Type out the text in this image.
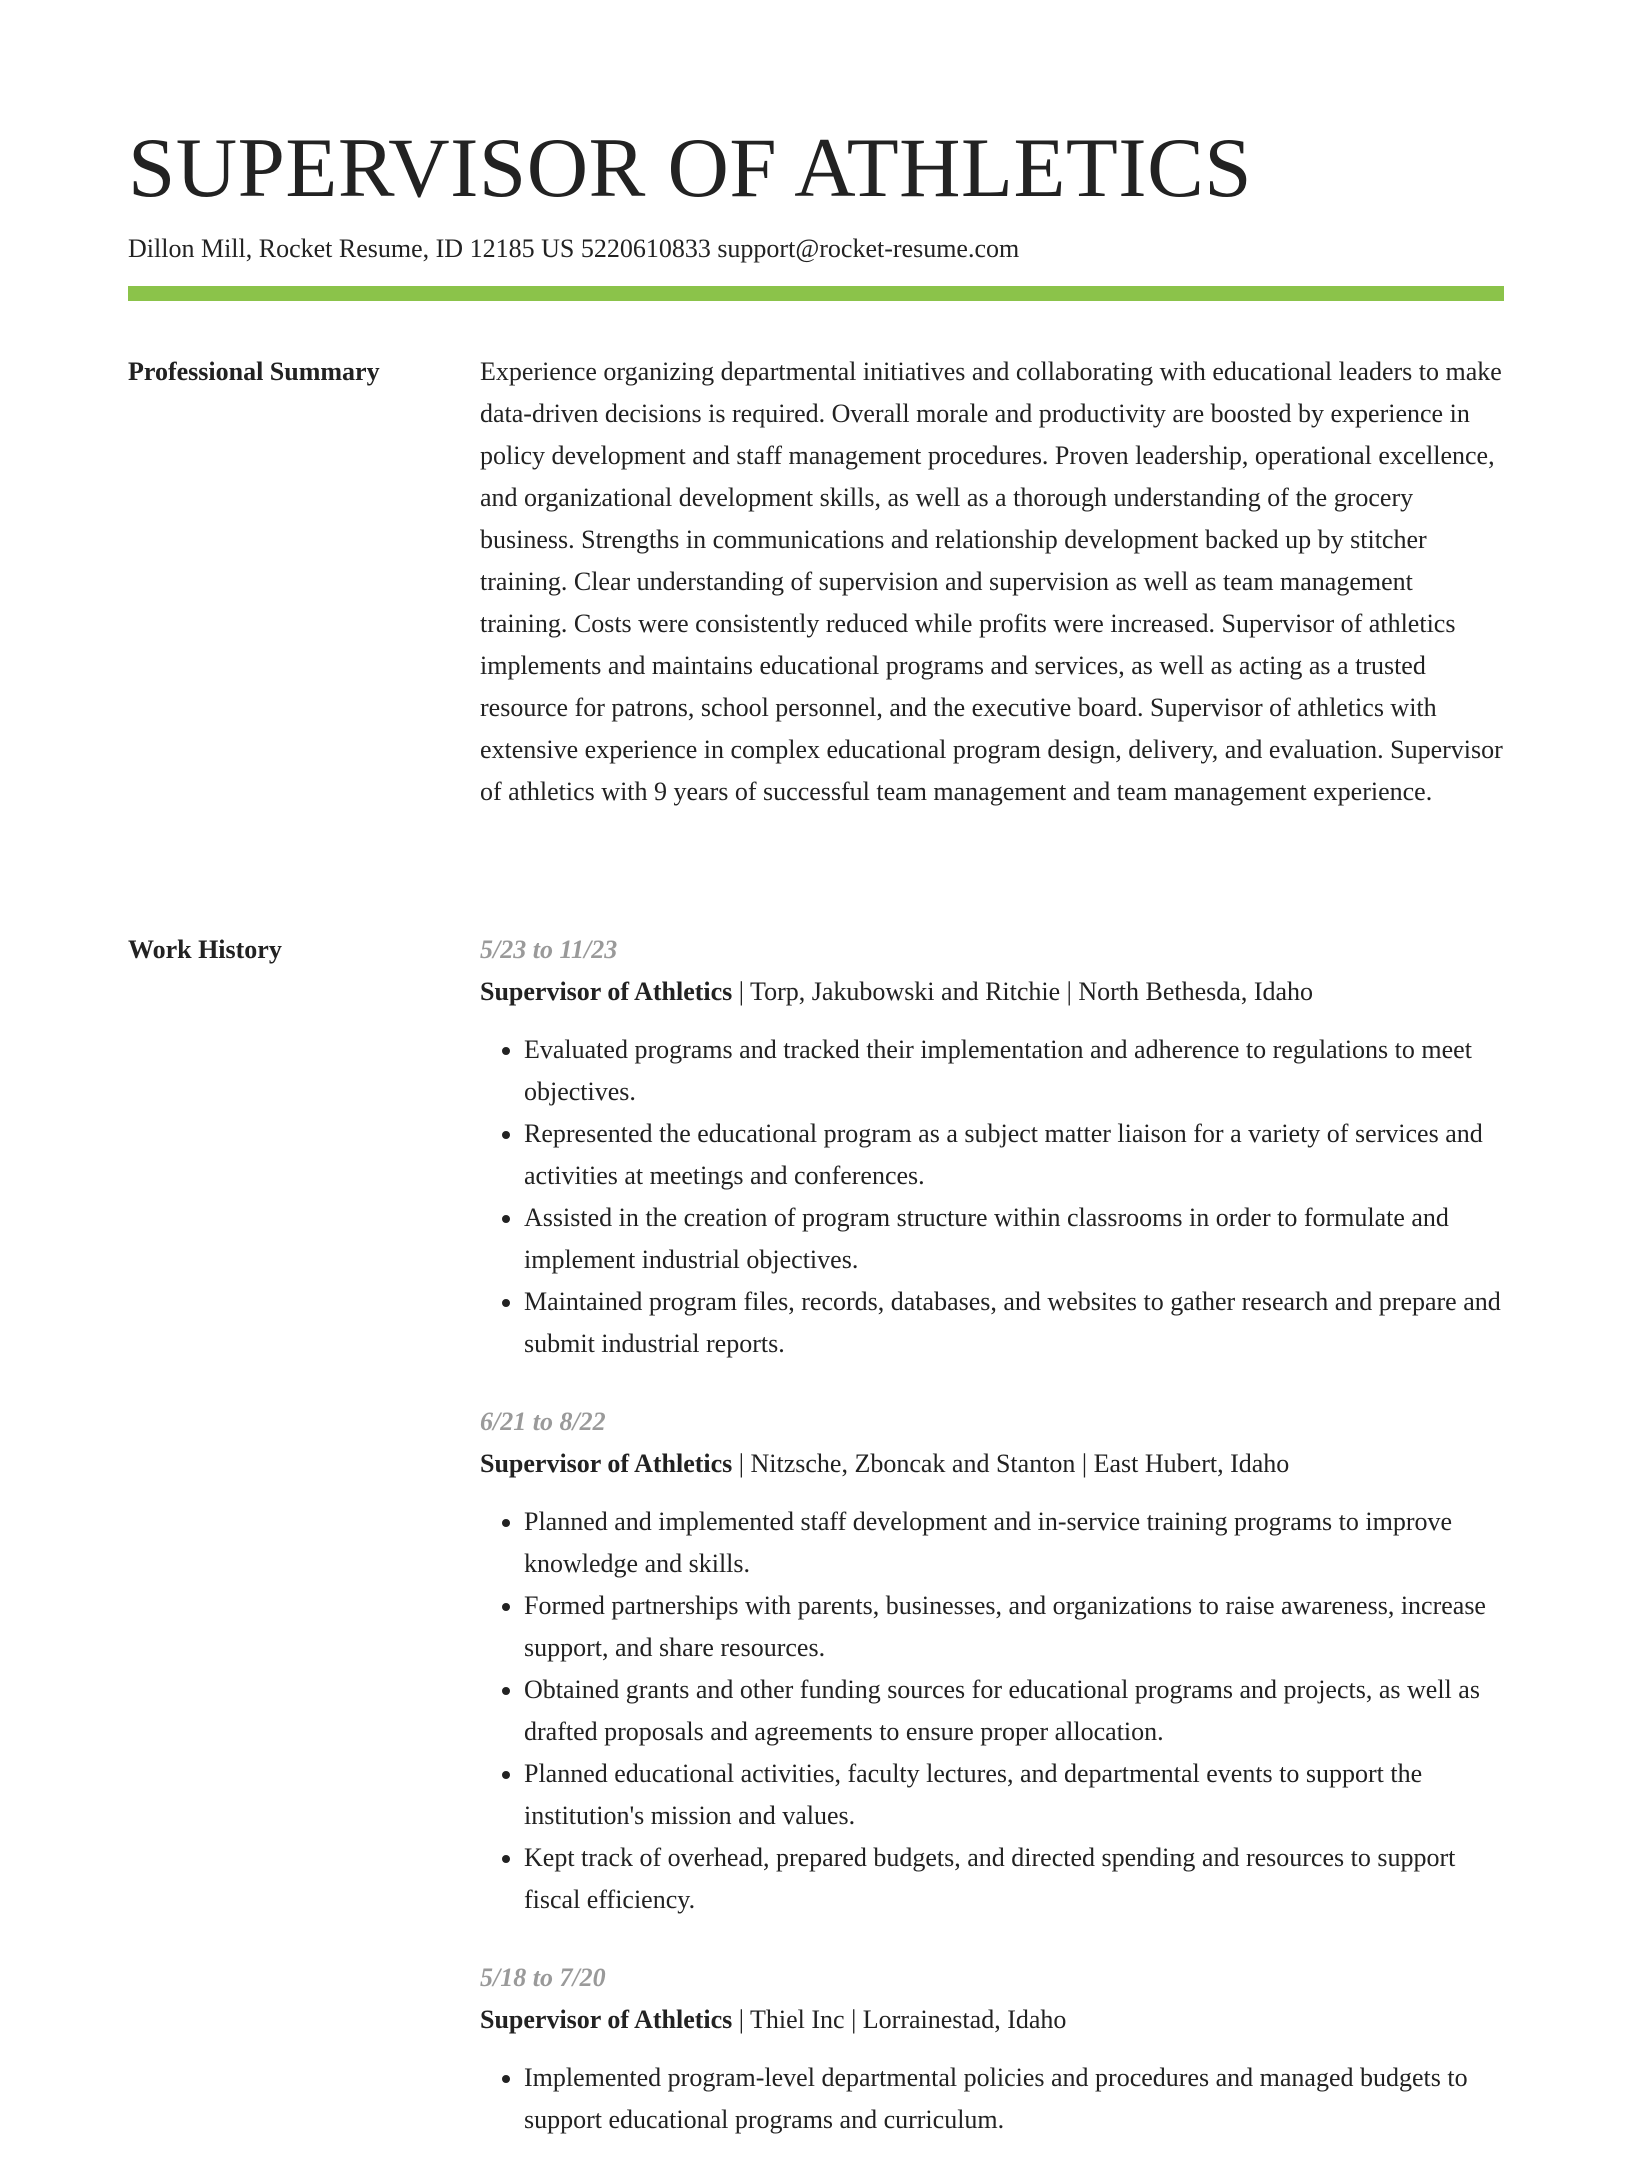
SUPERVISOR OF ATHLETICS
Dillon Mill, Rocket Resume, ID 12185 US 5220610833 support@rocket-resume.com
Professional Summary	Experience organizing departmental initiatives and collaborating with educational leaders to make data-driven decisions is required. Overall morale and productivity are boosted by experience in policy development and staff management procedures. Proven leadership, operational excellence, and organizational development skills, as well as a thorough understanding of the grocery business. Strengths in communications and relationship development backed up by stitcher training. Clear understanding of supervision and supervision as well as team management training. Costs were consistently reduced while profits were increased. Supervisor of athletics implements and maintains educational programs and services, as well as acting as a trusted resource for patrons, school personnel, and the executive board. Supervisor of athletics with extensive experience in complex educational program design, delivery, and evaluation. Supervisor of athletics with 9 years of successful team management and team management experience.

Work History	5/23 to 11/23
Supervisor of Athletics | Torp, Jakubowski and Ritchie | North Bethesda, Idaho
• Evaluated programs and tracked their implementation and adherence to regulations to meet objectives.
• Represented the educational program as a subject matter liaison for a variety of services and activities at meetings and conferences.
• Assisted in the creation of program structure within classrooms in order to formulate and implement industrial objectives.
• Maintained program files, records, databases, and websites to gather research and prepare and submit industrial reports.
6/21 to 8/22
Supervisor of Athletics | Nitzsche, Zboncak and Stanton | East Hubert, Idaho
• Planned and implemented staff development and in-service training programs to improve knowledge and skills.
• Formed partnerships with parents, businesses, and organizations to raise awareness, increase support, and share resources.
• Obtained grants and other funding sources for educational programs and projects, as well as drafted proposals and agreements to ensure proper allocation.
• Planned educational activities, faculty lectures, and departmental events to support the institution's mission and values.
• Kept track of overhead, prepared budgets, and directed spending and resources to support fiscal efficiency.
5/18 to 7/20
Supervisor of Athletics | Thiel Inc | Lorrainestad, Idaho
• Implemented program-level departmental policies and procedures and managed budgets to support educational programs and curriculum.
